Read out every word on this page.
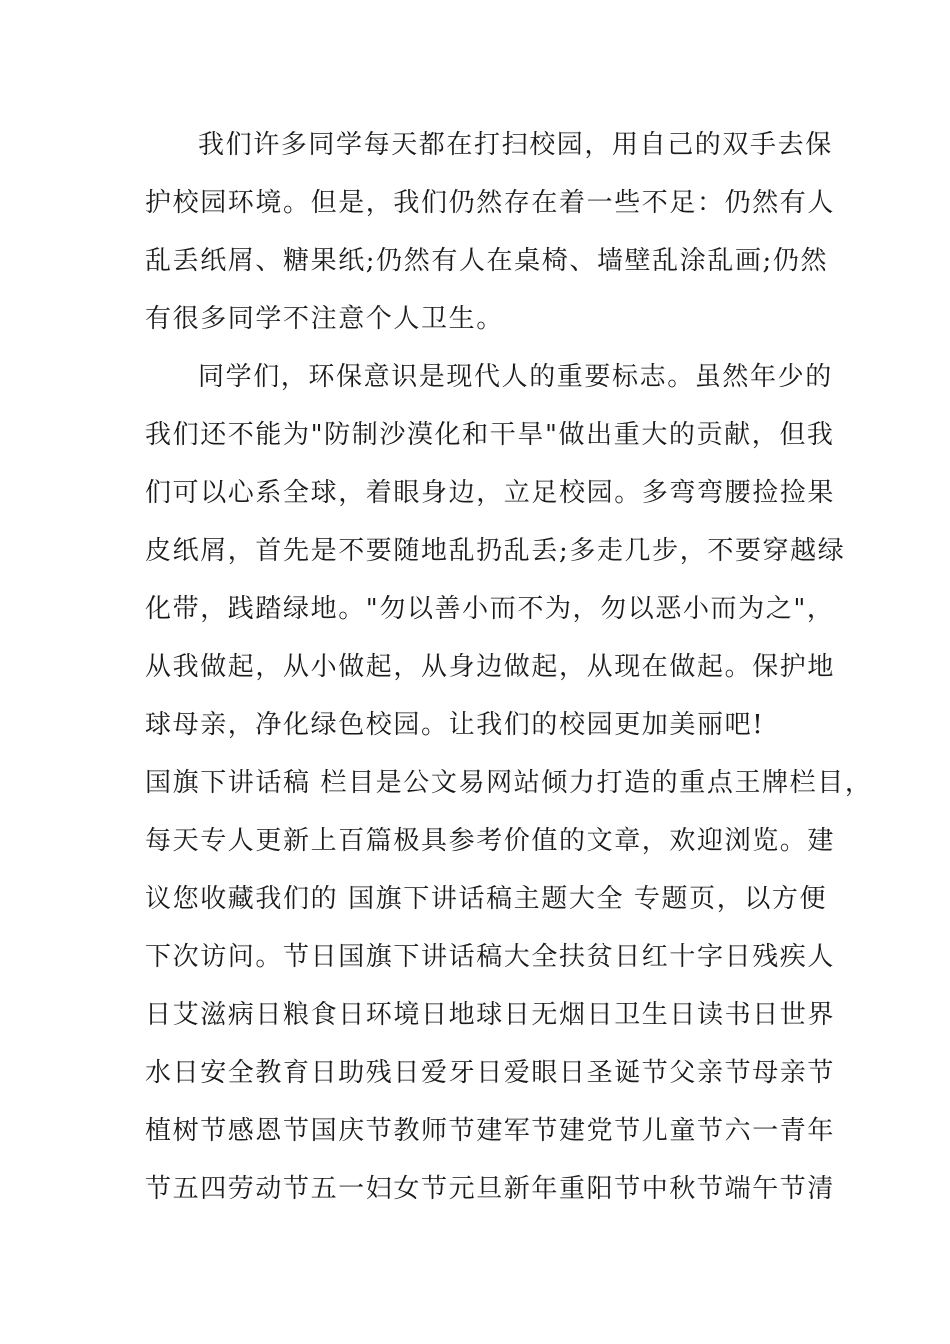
我们许多同学每天都在打扫校园，用自己的双手去保
护校园环境。但是，我们仍然存在着一些不足：仍然有人
乱丢纸屑、糖果纸;仍然有人在桌椅、墙壁乱涂乱画;仍然
有很多同学不注意个人卫生。
同学们，环保意识是现代人的重要标志。虽然年少的
我们还不能为"防制沙漠化和干旱"做出重大的贡献，但我
们可以心系全球，着眼身边，立足校园。多弯弯腰捡捡果
皮纸屑，首先是不要随地乱扔乱丢;多走几步，不要穿越绿
化带，践踏绿地。"勿以善小而不为，勿以恶小而为之"，
从我做起，从小做起，从身边做起，从现在做起。保护地
球母亲，净化绿色校园。让我们的校园更加美丽吧!
国旗下讲话稿 栏目是公文易网站倾力打造的重点王牌栏目，
每天专人更新上百篇极具参考价值的文章，欢迎浏览。建
议您收藏我们的 国旗下讲话稿主题大全 专题页，以方便
下次访问。节日国旗下讲话稿大全扶贫日红十字日残疾人
日艾滋病日粮食日环境日地球日无烟日卫生日读书日世界
水日安全教育日助残日爱牙日爱眼日圣诞节父亲节母亲节
植树节感恩节国庆节教师节建军节建党节儿童节六一青年
节五四劳动节五一妇女节元旦新年重阳节中秋节端午节清
